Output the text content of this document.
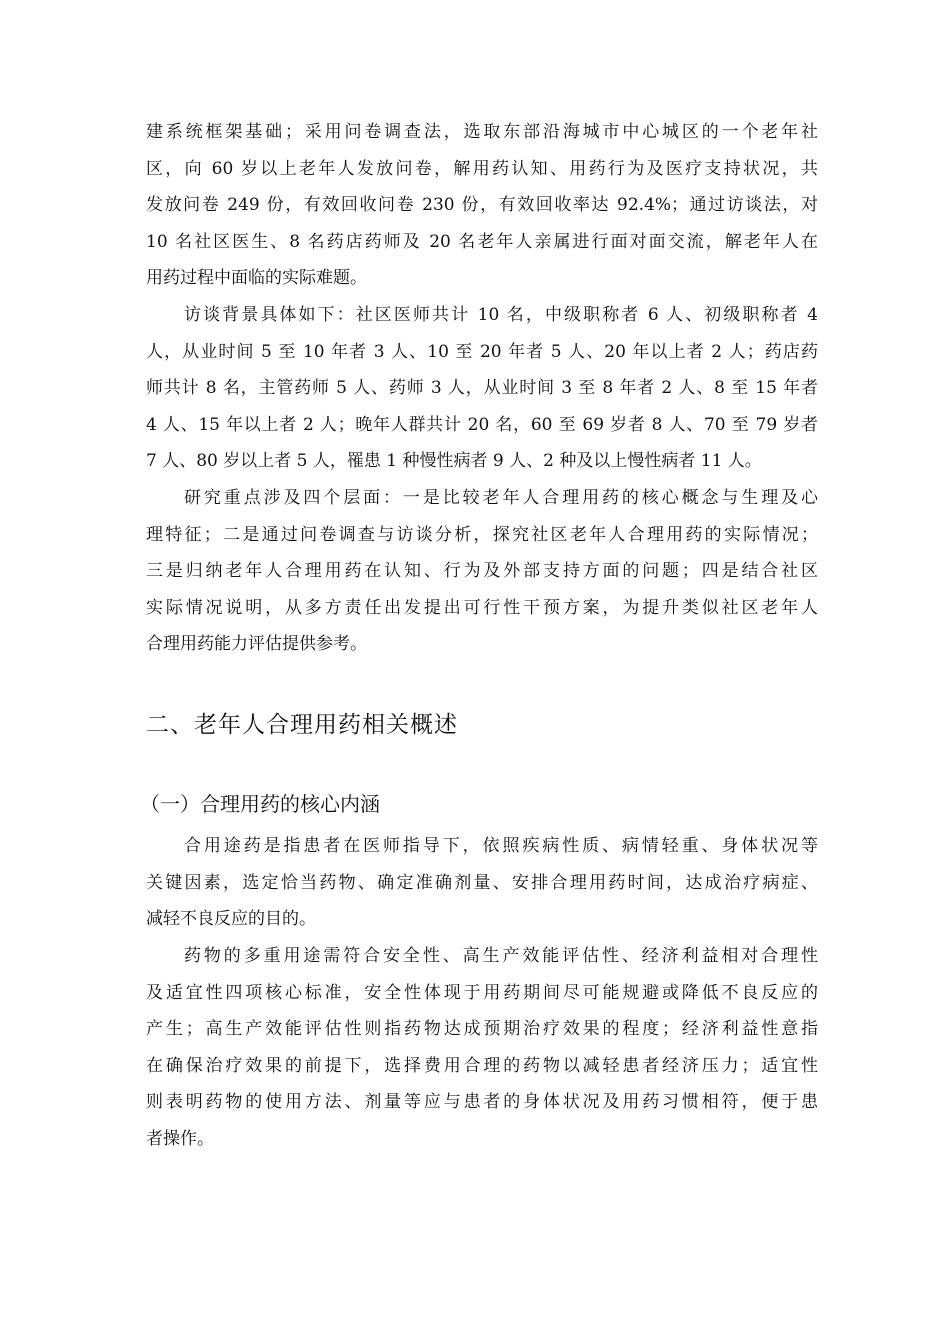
建系统框架基础；采用问卷调查法，选取东部沿海城市中心城区的一个老年社
区，向 60 岁以上老年人发放问卷，解用药认知、用药行为及医疗支持状况，共
发放问卷 249 份，有效回收问卷 230 份，有效回收率达 92.4%；通过访谈法，对
10 名社区医生、8 名药店药师及 20 名老年人亲属进行面对面交流，解老年人在
用药过程中面临的实际难题。
访谈背景具体如下：社区医师共计 10 名，中级职称者 6 人、初级职称者 4
人，从业时间 5 至 10 年者 3 人、10 至 20 年者 5 人、20 年以上者 2 人；药店药
师共计 8 名，主管药师 5 人、药师 3 人，从业时间 3 至 8 年者 2 人、8 至 15 年者
4 人、15 年以上者 2 人；晚年人群共计 20 名，60 至 69 岁者 8 人、70 至 79 岁者
7 人、80 岁以上者 5 人，罹患 1 种慢性病者 9 人、2 种及以上慢性病者 11 人。
研究重点涉及四个层面：一是比较老年人合理用药的核心概念与生理及心
理特征；二是通过问卷调查与访谈分析，探究社区老年人合理用药的实际情况；
三是归纳老年人合理用药在认知、行为及外部支持方面的问题；四是结合社区
实际情况说明，从多方责任出发提出可行性干预方案，为提升类似社区老年人
合理用药能力评估提供参考。
二、老年人合理用药相关概述
（一）合理用药的核心内涵
合用途药是指患者在医师指导下，依照疾病性质、病情轻重、身体状况等
关键因素，选定恰当药物、确定准确剂量、安排合理用药时间，达成治疗病症、
减轻不良反应的目的。
药物的多重用途需符合安全性、高生产效能评估性、经济利益相对合理性
及适宜性四项核心标准，安全性体现于用药期间尽可能规避或降低不良反应的
产生；高生产效能评估性则指药物达成预期治疗效果的程度；经济利益性意指
在确保治疗效果的前提下，选择费用合理的药物以减轻患者经济压力；适宜性
则表明药物的使用方法、剂量等应与患者的身体状况及用药习惯相符，便于患
者操作。
